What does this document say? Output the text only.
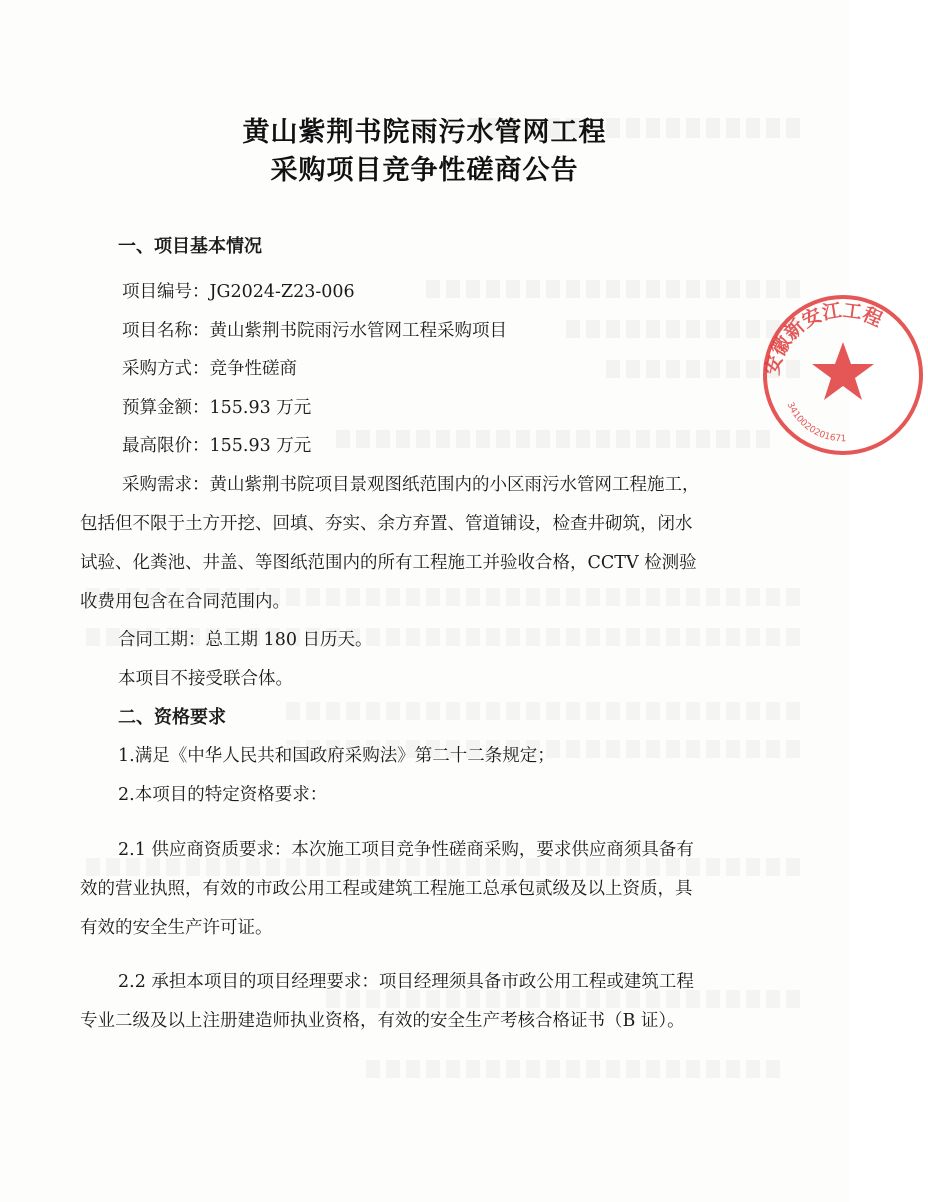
安徽新安江工程
3410020201671
黄山紫荆书院雨污水管网工程
采购项目竞争性磋商公告
一、项目基本情况
项目编号：JG2024-Z23-006
项目名称：黄山紫荆书院雨污水管网工程采购项目
采购方式：竞争性磋商
预算金额：155.93 万元
最高限价：155.93 万元
采购需求：黄山紫荆书院项目景观图纸范围内的小区雨污水管网工程施工，
包括但不限于土方开挖、回填、夯实、余方弃置、管道铺设，检查井砌筑，闭水
试验、化粪池、井盖、等图纸范围内的所有工程施工并验收合格，CCTV 检测验
收费用包含在合同范围内。
合同工期：总工期 180 日历天。
本项目不接受联合体。
二、资格要求
1.满足《中华人民共和国政府采购法》第二十二条规定；
2.本项目的特定资格要求：
2.1 供应商资质要求：本次施工项目竞争性磋商采购，要求供应商须具备有
效的营业执照，有效的市政公用工程或建筑工程施工总承包贰级及以上资质，具
有效的安全生产许可证。
2.2 承担本项目的项目经理要求：项目经理须具备市政公用工程或建筑工程
专业二级及以上注册建造师执业资格，有效的安全生产考核合格证书（B 证）。
